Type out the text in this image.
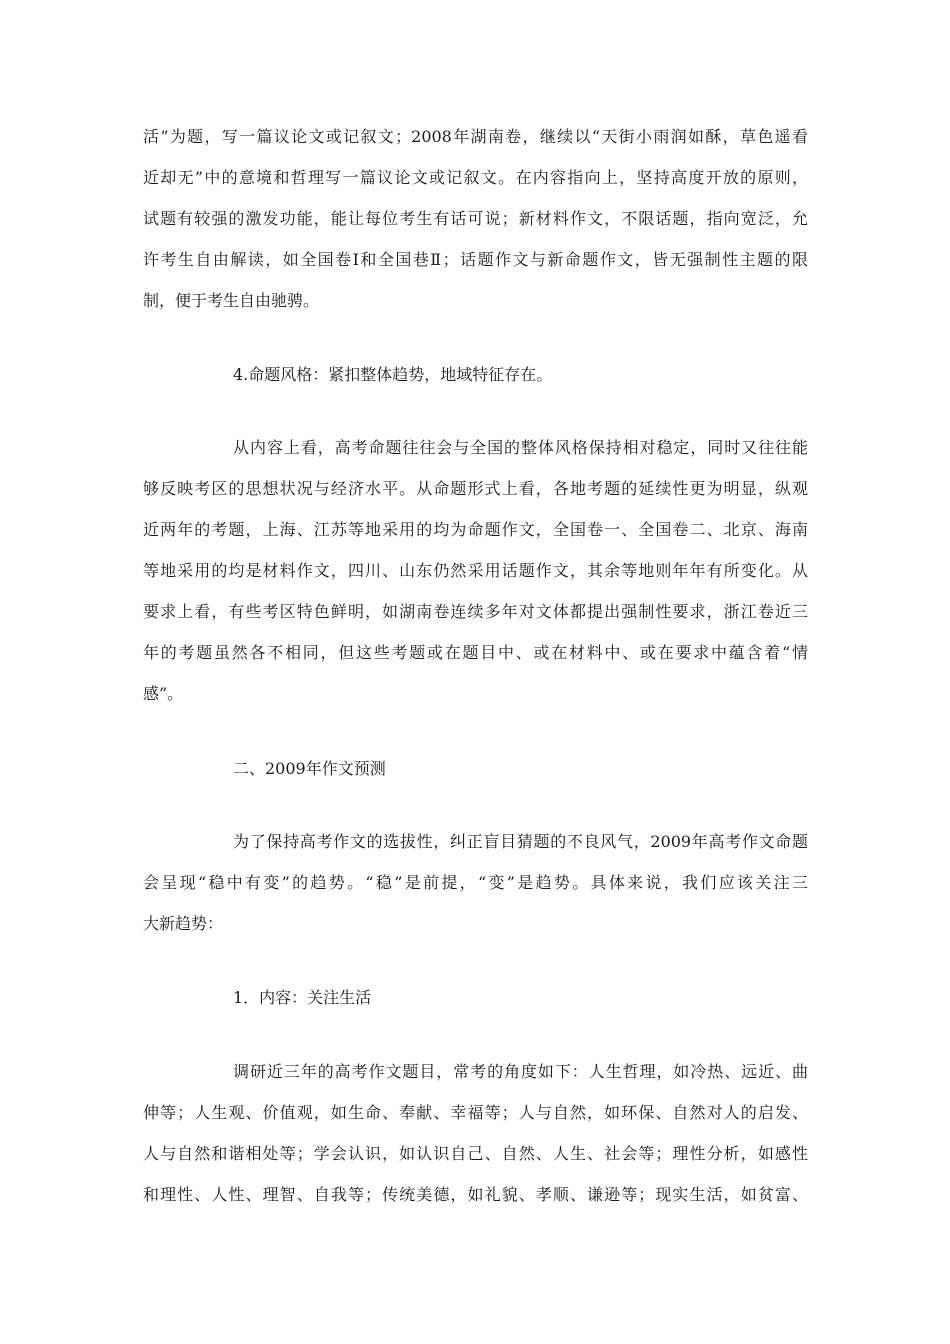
活”为题，写一篇议论文或记叙文；2008年湖南卷，继续以“天街小雨润如酥，草色遥看
近却无”中的意境和哲理写一篇议论文或记叙文。在内容指向上，坚持高度开放的原则，
试题有较强的激发功能，能让每位考生有话可说；新材料作文，不限话题，指向宽泛，允
许考生自由解读，如全国卷I和全国巷Ⅱ；话题作文与新命题作文，皆无强制性主题的限
制，便于考生自由驰骋。
4.命题风格：紧扣整体趋势，地域特征存在。
从内容上看，高考命题往往会与全国的整体风格保持相对稳定，同时又往往能
够反映考区的思想状况与经济水平。从命题形式上看，各地考题的延续性更为明显，纵观
近两年的考题，上海、江苏等地采用的均为命题作文，全国卷一、全国卷二、北京、海南
等地采用的均是材料作文，四川、山东仍然采用话题作文，其余等地则年年有所变化。从
要求上看，有些考区特色鲜明，如湖南卷连续多年对文体都提出强制性要求，浙江卷近三
年的考题虽然各不相同，但这些考题或在题目中、或在材料中、或在要求中蕴含着“情
感”。
二、2009年作文预测
为了保持高考作文的选拔性，纠正盲目猜题的不良风气，2009年高考作文命题
会呈现“稳中有变”的趋势。“稳”是前提，“变”是趋势。具体来说，我们应该关注三
大新趋势：
1．内容：关注生活
调研近三年的高考作文题目，常考的角度如下：人生哲理，如冷热、远近、曲
伸等；人生观、价值观，如生命、奉献、幸福等；人与自然，如环保、自然对人的启发、
人与自然和谐相处等；学会认识，如认识自己、自然、人生、社会等；理性分析，如感性
和理性、人性、理智、自我等；传统美德，如礼貌、孝顺、谦逊等；现实生活，如贫富、
